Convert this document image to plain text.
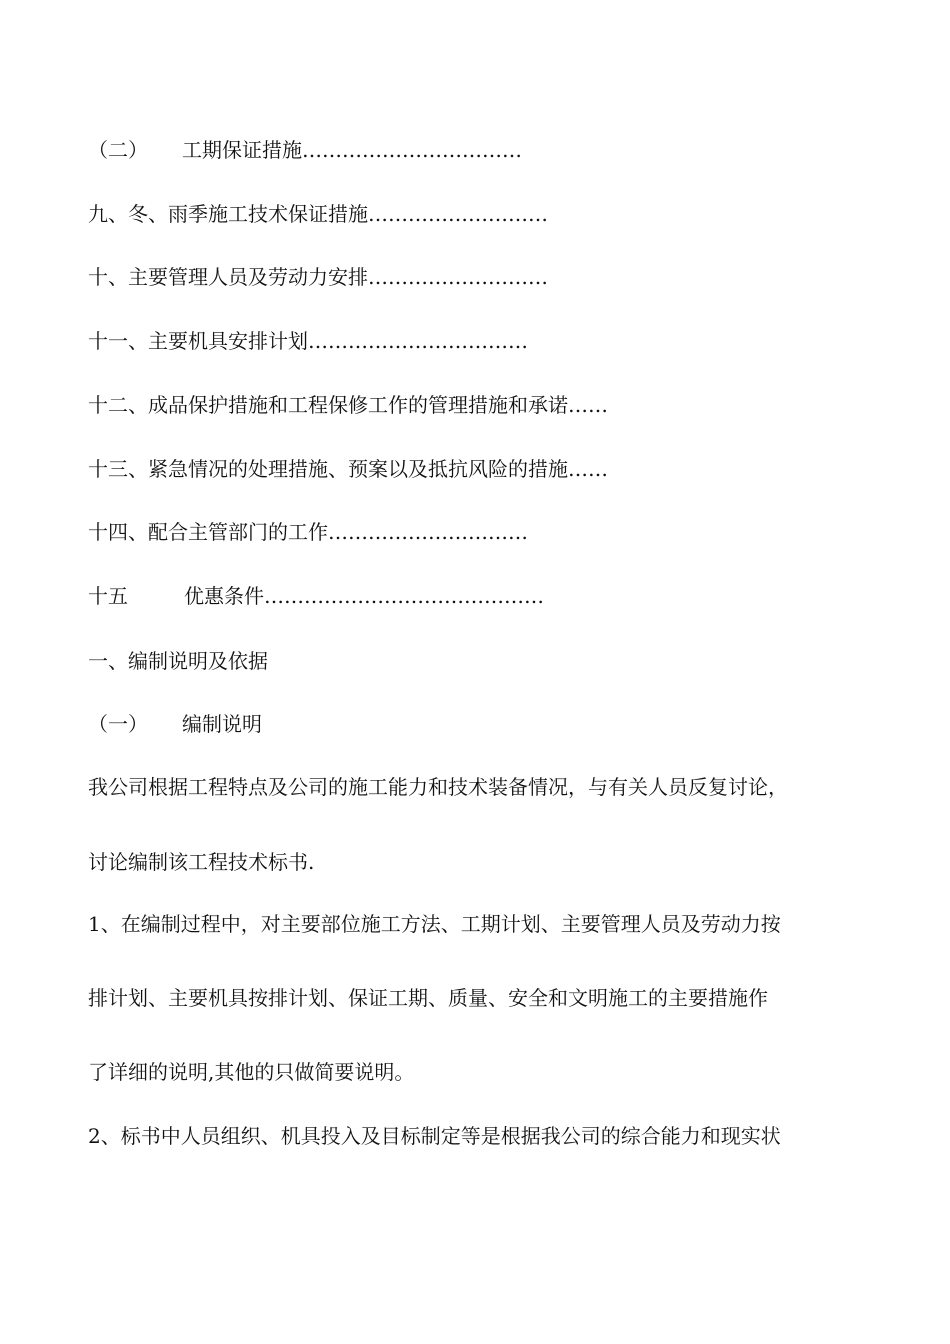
（二） 工期保证措施……………………………
九、冬、雨季施工技术保证措施………………………
十、主要管理人员及劳动力安排………………………
十一、主要机具安排计划……………………………
十二、成品保护措施和工程保修工作的管理措施和承诺……
十三、紧急情况的处理措施、预案以及抵抗风险的措施……
十四、配合主管部门的工作…………………………
十五	优惠条件……………………………………
一、编制说明及依据
（一） 编制说明
我公司根据工程特点及公司的施工能力和技术装备情况，与有关人员反复讨论，
讨论编制该工程技术标书.
1、在编制过程中，对主要部位施工方法、工期计划、主要管理人员及劳动力按
排计划、主要机具按排计划、保证工期、质量、安全和文明施工的主要措施作
了详细的说明,其他的只做简要说明。
2、标书中人员组织、机具投入及目标制定等是根据我公司的综合能力和现实状
